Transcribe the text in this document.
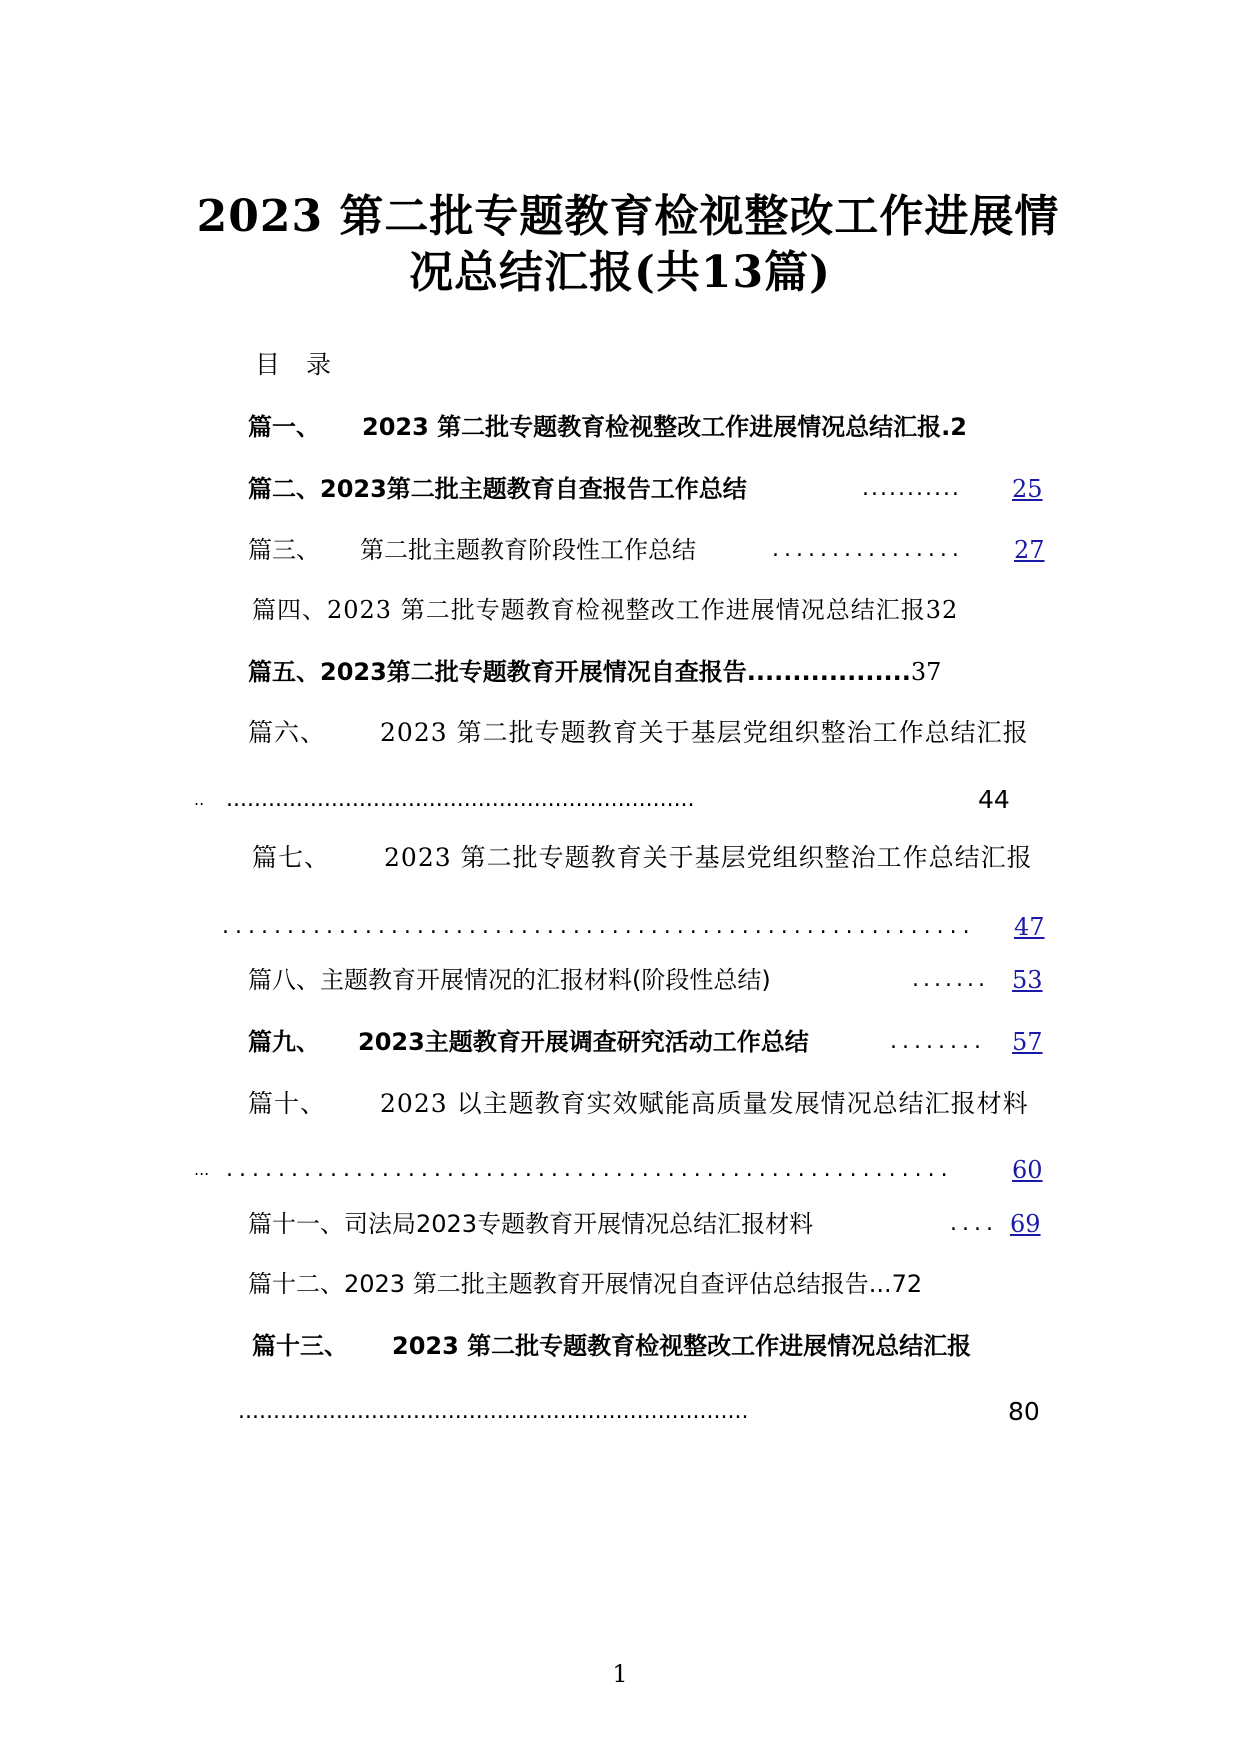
2023 第二批专题教育检视整改工作进展情
况总结汇报(共13篇)
目录
篇一、 2023 第二批专题教育检视整改工作进展情况总结汇报.2
篇二、2023第二批主题教育自查报告工作总结	...........	25
篇三、 第二批主题教育阶段性工作总结	................	27
篇四、2023 第二批专题教育检视整改工作进展情况总结汇报32
篇五、2023第二批专题教育开展情况自查报告..................37
篇六、 2023 第二批专题教育关于基层党组织整治工作总结汇报
.. ...................................................................	44
篇七、 2023 第二批专题教育关于基层党组织整治工作总结汇报
..........................................................	47
篇八、主题教育开展情况的汇报材料(阶段性总结)	....... 53
篇九、 2023主题教育开展调查研究活动工作总结	........	57
篇十、 2023 以主题教育实效赋能高质量发展情况总结汇报材料
... ........................................................	60
篇十一、司法局2023专题教育开展情况总结汇报材料	.... 69
篇十二、2023 第二批主题教育开展情况自查评估总结报告...72
篇十三、 2023 第二批专题教育检视整改工作进展情况总结汇报
.........................................................................	80
1
